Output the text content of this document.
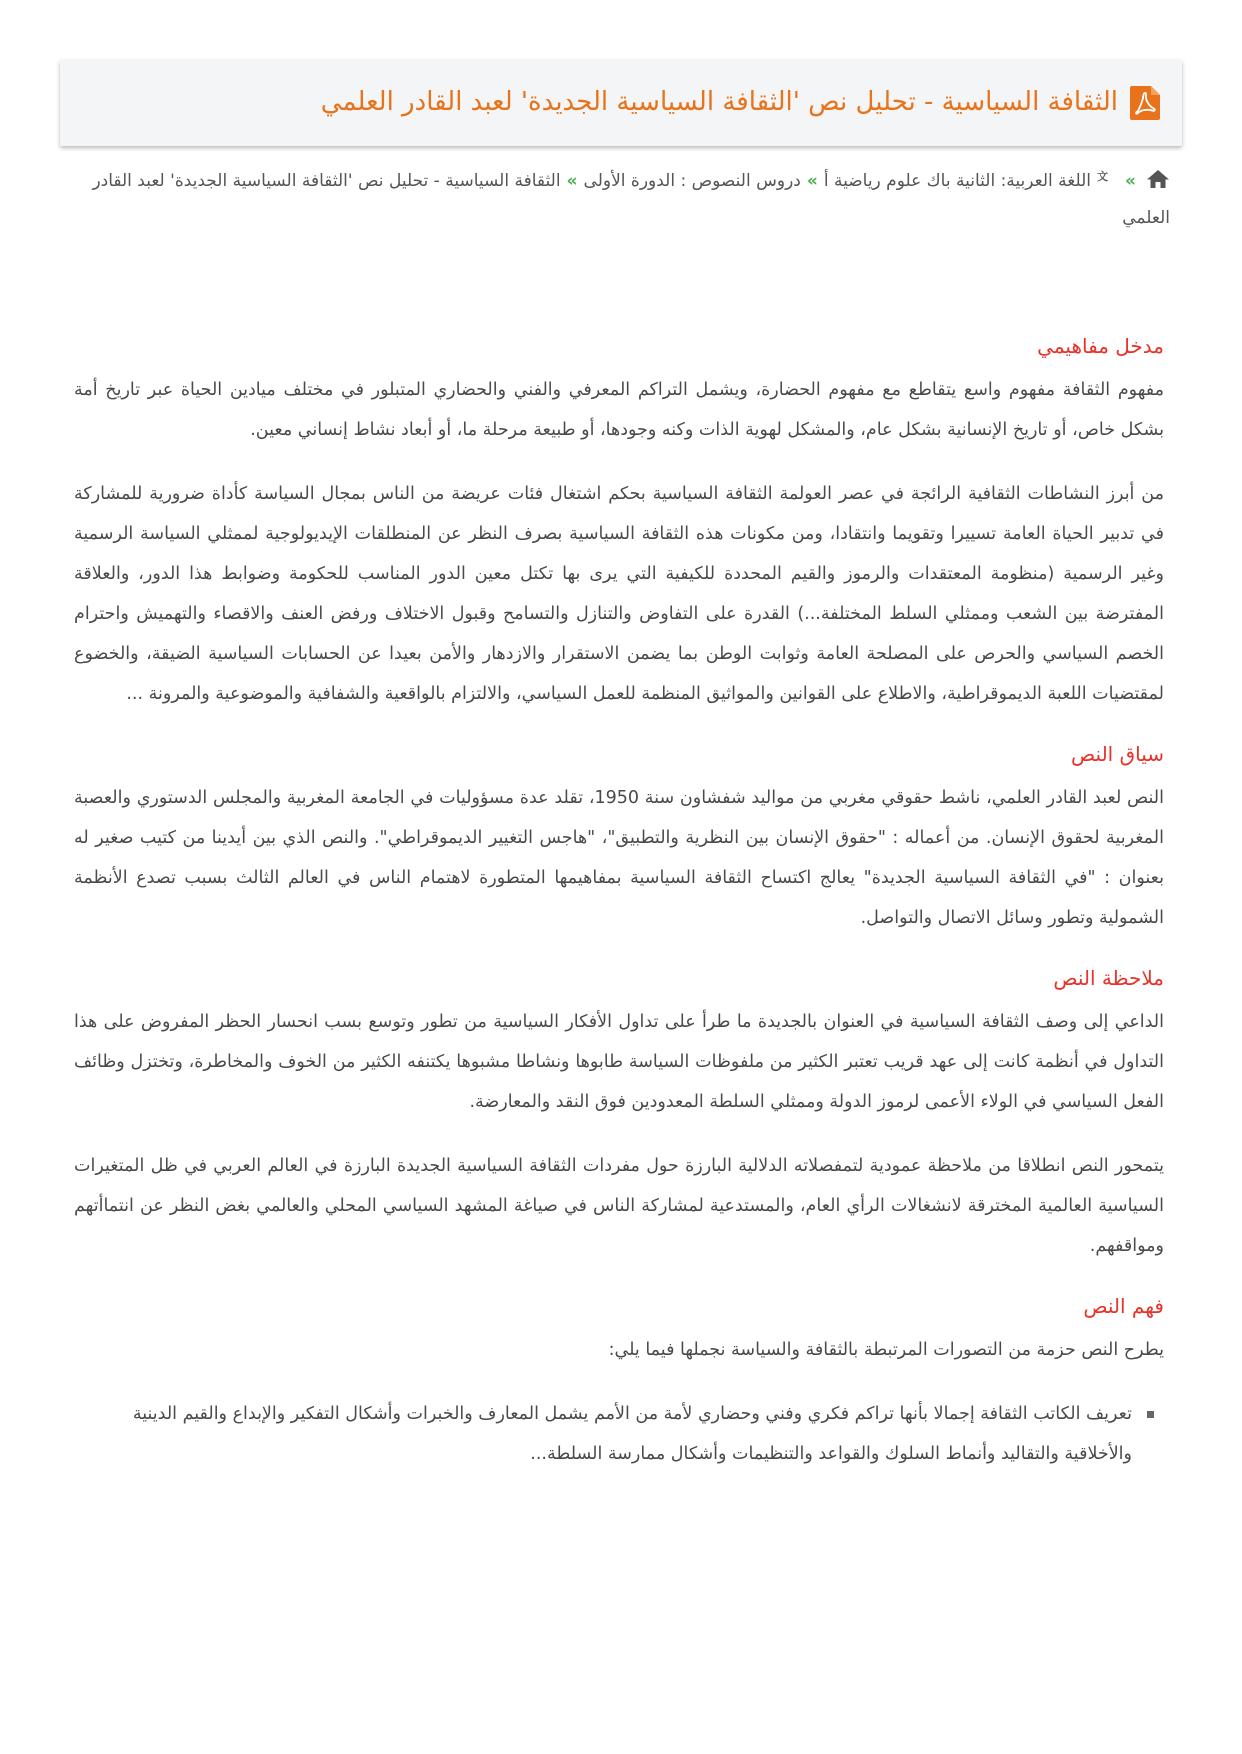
الثقافة السياسية - تحليل نص 'الثقافة السياسية الجديدة' لعبد القادر العلمي
»
文
اللغة العربية: الثانية باك علوم رياضية أ»دروس النصوص : الدورة الأولى»الثقافة السياسية - تحليل نص 'الثقافة السياسية الجديدة' لعبد القادر العلمي
مدخل مفاهيمي

مفهوم الثقافة مفهوم واسع يتقاطع مع مفهوم الحضارة، ويشمل التراكم المعرفي والفني والحضاري المتبلور في مختلف ميادين الحياة عبر تاريخ أمة بشكل خاص، أو تاريخ الإنسانية بشكل عام، والمشكل لهوية الذات وكنه وجودها، أو طبيعة مرحلة ما، أو أبعاد نشاط إنساني معين.

من أبرز النشاطات الثقافية الرائجة في عصر العولمة الثقافة السياسية بحكم اشتغال فئات عريضة من الناس بمجال السياسة كأداة ضرورية للمشاركة في تدبير الحياة العامة تسييرا وتقويما وانتقادا، ومن مكونات هذه الثقافة السياسية بصرف النظر عن المنطلقات الإيديولوجية لممثلي السياسة الرسمية وغير الرسمية (منظومة المعتقدات والرموز والقيم المحددة للكيفية التي يرى بها تكتل معين الدور المناسب للحكومة وضوابط هذا الدور، والعلاقة المفترضة بين الشعب وممثلي السلط المختلفة...) القدرة على التفاوض والتنازل والتسامح وقبول الاختلاف ورفض العنف والاقصاء والتهميش واحترام الخصم السياسي والحرص على المصلحة العامة وثوابت الوطن بما يضمن الاستقرار والازدهار والأمن بعيدا عن الحسابات السياسية الضيقة، والخضوع لمقتضيات اللعبة الديموقراطية، والاطلاع على القوانين والمواثيق المنظمة للعمل السياسي، والالتزام بالواقعية والشفافية والموضوعية والمرونة ...

سياق النص

النص لعبد القادر العلمي، ناشط حقوقي مغربي من مواليد شفشاون سنة 1950، تقلد عدة مسؤوليات في الجامعة المغربية والمجلس الدستوري والعصبة المغربية لحقوق الإنسان. من أعماله : "حقوق الإنسان بين النظرية والتطبيق"، "هاجس التغيير الديموقراطي". والنص الذي بين أيدينا من كتيب صغير له بعنوان : "في الثقافة السياسية الجديدة" يعالج اكتساح الثقافة السياسية بمفاهيمها المتطورة لاهتمام الناس في العالم الثالث بسبب تصدع الأنظمة الشمولية وتطور وسائل الاتصال والتواصل.

ملاحظة النص

الداعي إلى وصف الثقافة السياسية في العنوان بالجديدة ما طرأ على تداول الأفكار السياسية من تطور وتوسع بسب انحسار الحظر المفروض على هذا التداول في أنظمة كانت إلى عهد قريب تعتبر الكثير من ملفوظات السياسة طابوها ونشاطا مشبوها يكتنفه الكثير من الخوف والمخاطرة، وتختزل وظائف الفعل السياسي في الولاء الأعمى لرموز الدولة وممثلي السلطة المعدودين فوق النقد والمعارضة.

يتمحور النص انطلاقا من ملاحظة عمودية لتمفصلاته الدلالية البارزة حول مفردات الثقافة السياسية الجديدة البارزة في العالم العربي في ظل المتغيرات السياسية العالمية المخترقة لانشغالات الرأي العام، والمستدعية لمشاركة الناس في صياغة المشهد السياسي المحلي والعالمي بغض النظر عن انتماأتهم ومواقفهم.

فهم النص

يطرح النص حزمة من التصورات المرتبطة بالثقافة والسياسة نجملها فيما يلي:

تعريف الكاتب الثقافة إجمالا بأنها تراكم فكري وفني وحضاري لأمة من الأمم يشمل المعارف والخبرات وأشكال التفكير والإبداع والقيم الدينية والأخلاقية والتقاليد وأنماط السلوك والقواعد والتنظيمات وأشكال ممارسة السلطة...
